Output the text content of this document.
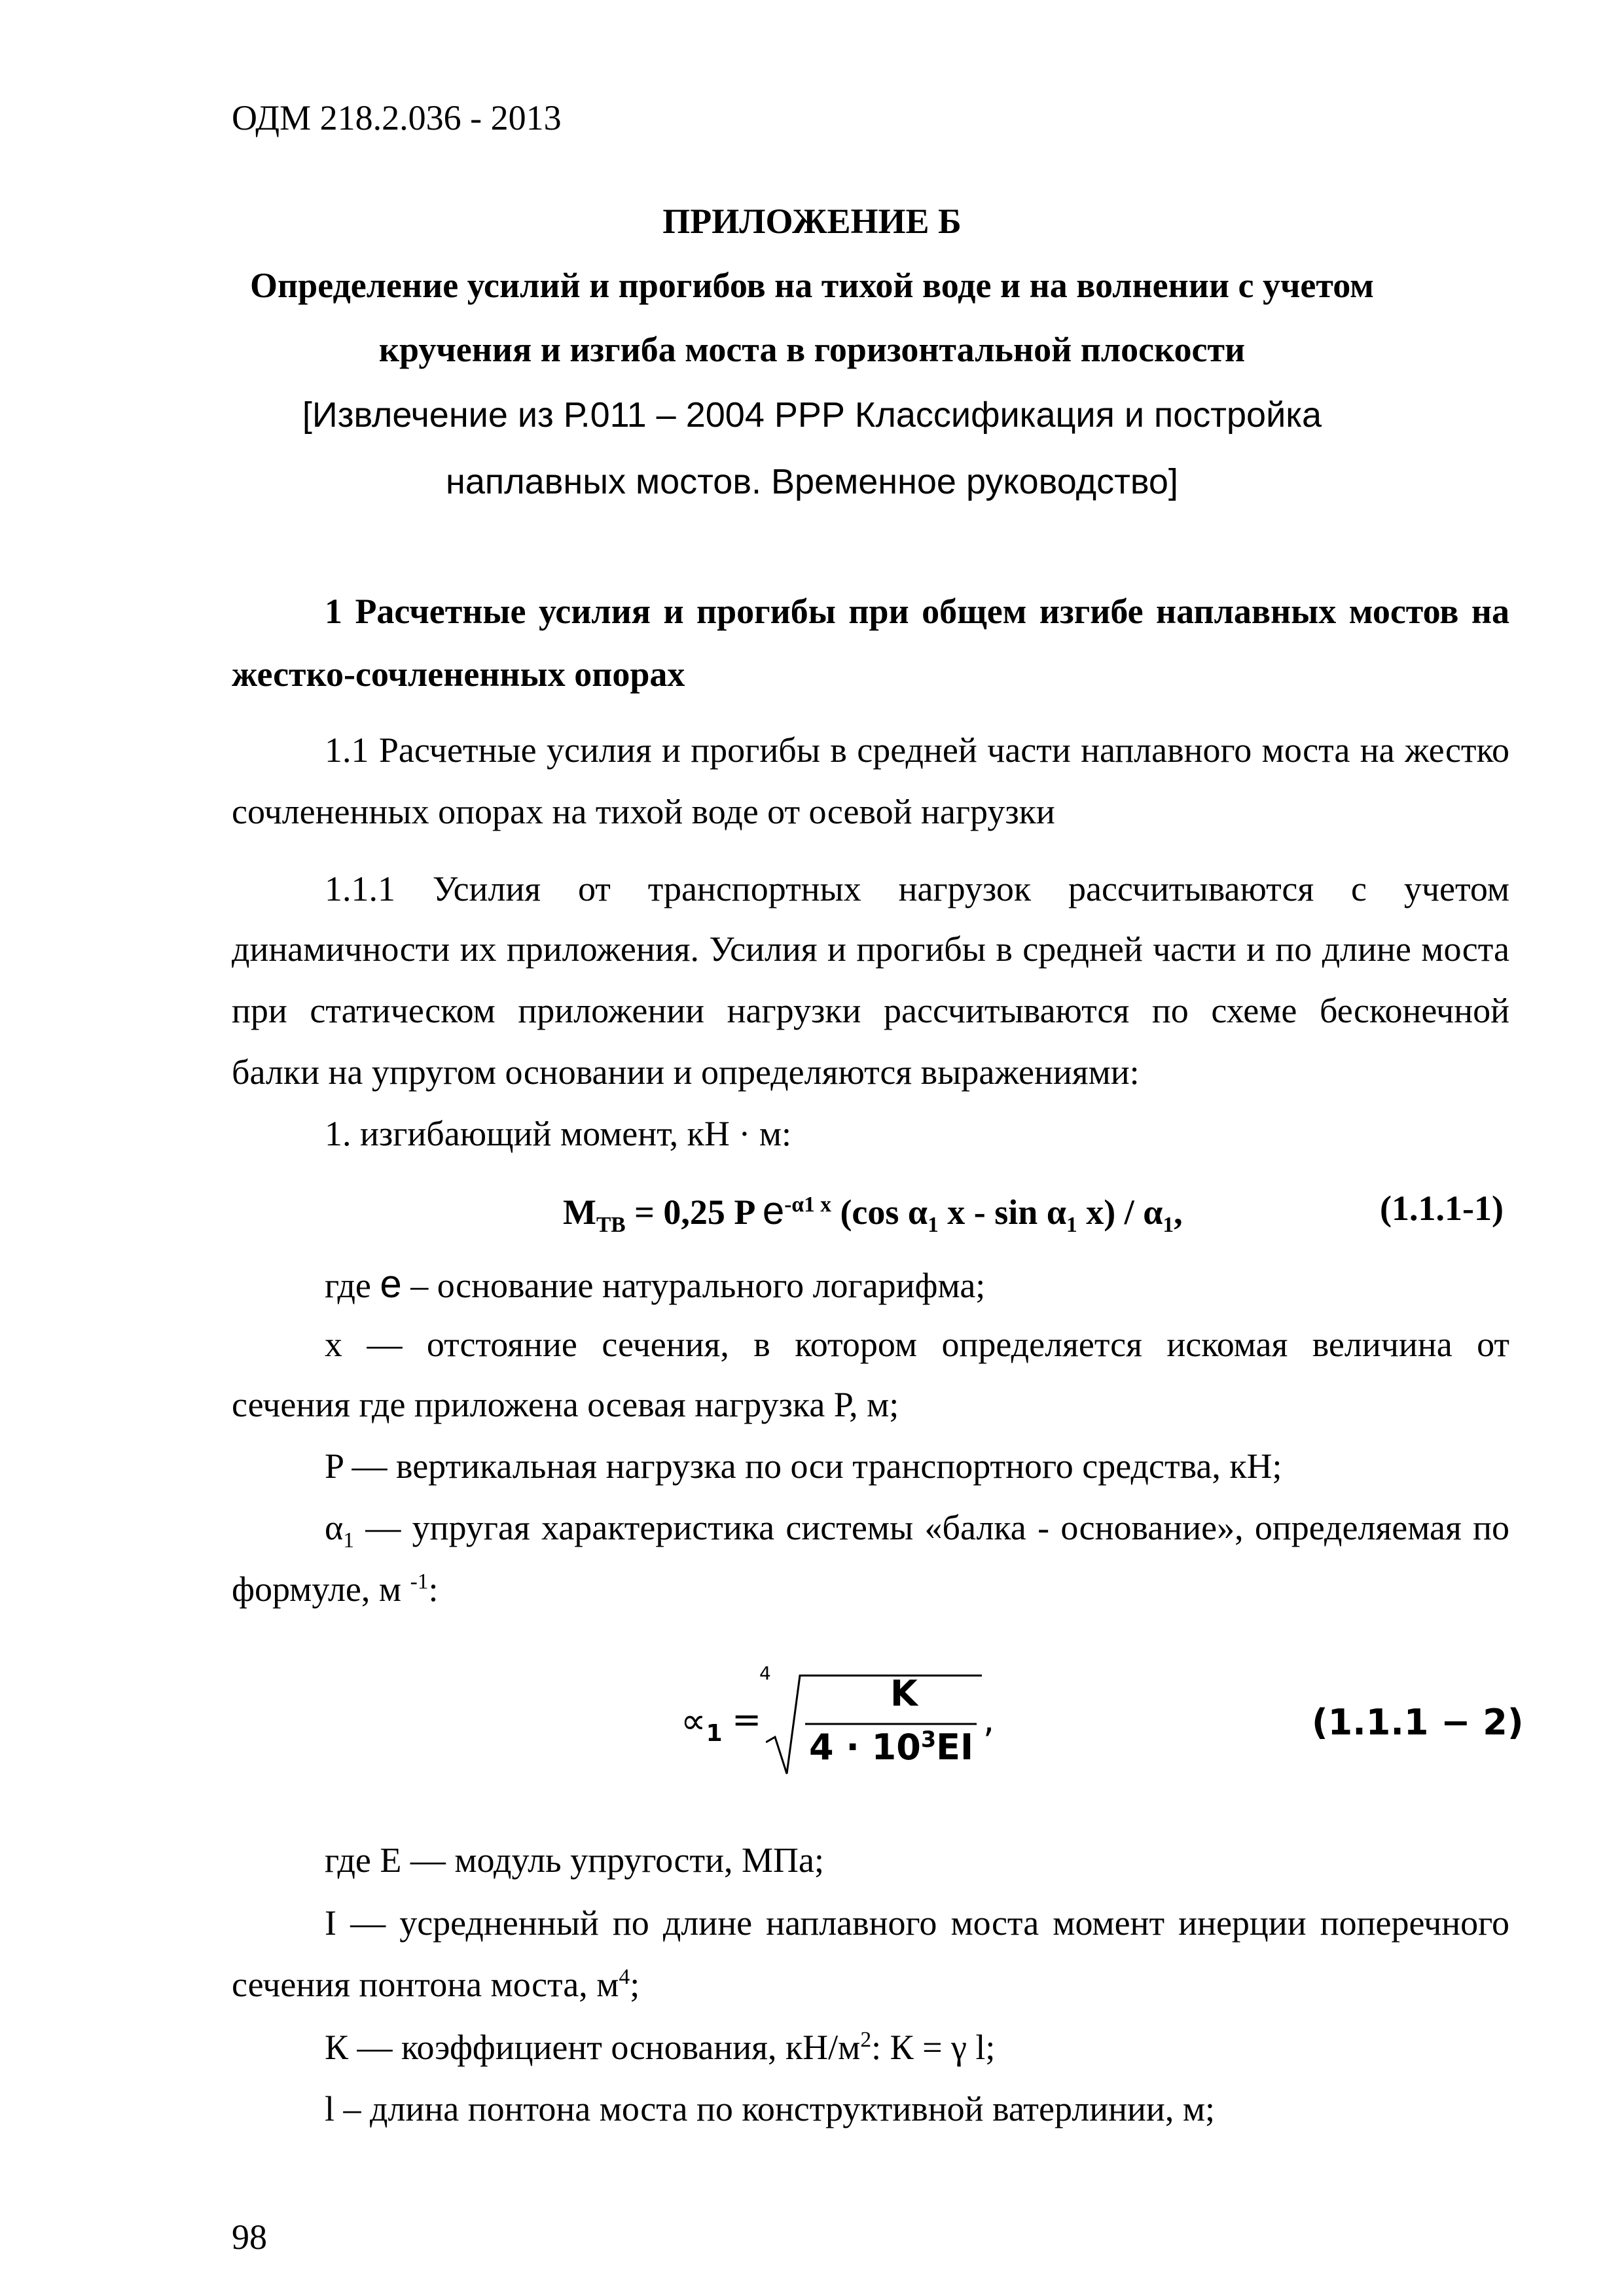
ОДМ 218.2.036 - 2013
ПРИЛОЖЕНИЕ Б
Определение усилий и прогибов на тихой воде и на волнении с учетом
кручения и изгиба моста в горизонтальной плоскости
[Извлечение из Р.011 – 2004 РРР Классификация и постройка
наплавных мостов. Временное руководство]
1 Расчетные усилия и прогибы при общем изгибе наплавных мостов на
жестко-сочлененных опорах
1.1 Расчетные усилия и прогибы в средней части наплавного моста на жестко
сочлененных опорах на тихой воде от осевой нагрузки
1.1.1 Усилия от транспортных нагрузок рассчитываются с учетом
динамичности их приложения. Усилия и прогибы в средней части и по длине моста
при статическом приложении нагрузки рассчитываются по схеме бесконечной
балки на упругом основании и определяются выражениями:
1. изгибающий момент, кН · м:
$M_{ТВ} = 0,25$ P $e^{-\alpha 1 x}$ (cos $\alpha_1$ x - $\sin \alpha_1$ $x) / \alpha_1$,	(1.1.1-1)
где e – основание натурального логарифма;
x — отстояние сечения, в котором определяется искомая величина от
сечения где приложена осевая нагрузка Р, м;
P — вертикальная нагрузка по оси транспортного средства, кН;
$\alpha_1$ — упругая характеристика системы «балка - основание», определяемая по
формуле, м $^{-1}$:
$\propto_1$ =
4	K
$4 \cdot 10^3EI$
,	(1.1.1 − 2)
где Е — модуль упругости, МПа;
I — усредненный по длине наплавного моста момент инерции поперечного
сечения понтона моста, $м^4$;
К — коэффициент основания, $кН/м^2$: К = γ l;
l – длина понтона моста по конструктивной ватерлинии, м;
98
